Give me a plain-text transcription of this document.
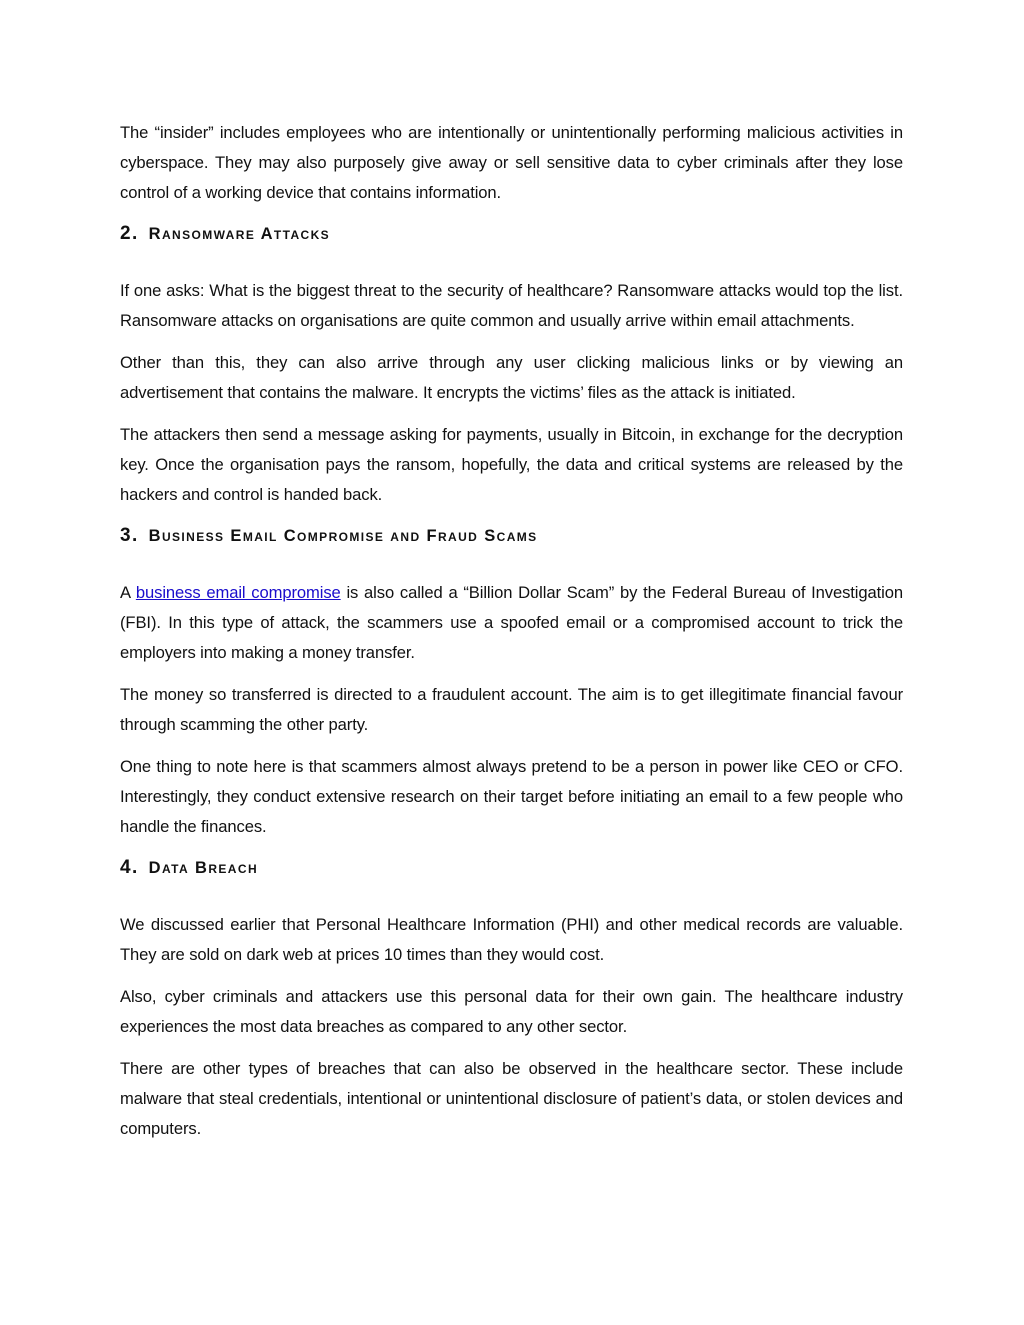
The “insider” includes employees who are intentionally or unintentionally performing malicious activities in cyberspace. They may also purposely give away or sell sensitive data to cyber criminals after they lose control of a working device that contains information.

2. Ransomware Attacks

If one asks: What is the biggest threat to the security of healthcare? Ransomware attacks would top the list. Ransomware attacks on organisations are quite common and usually arrive within email attachments.

Other than this, they can also arrive through any user clicking malicious links or by viewing an advertisement that contains the malware. It encrypts the victims’ files as the attack is initiated.

The attackers then send a message asking for payments, usually in Bitcoin, in exchange for the decryption key. Once the organisation pays the ransom, hopefully, the data and critical systems are released by the hackers and control is handed back.

3. Business Email Compromise and Fraud Scams

A business email compromise is also called a “Billion Dollar Scam” by the Federal Bureau of Investigation (FBI). In this type of attack, the scammers use a spoofed email or a compromised account to trick the employers into making a money transfer.

The money so transferred is directed to a fraudulent account. The aim is to get illegitimate financial favour through scamming the other party.

One thing to note here is that scammers almost always pretend to be a person in power like CEO or CFO. Interestingly, they conduct extensive research on their target before initiating an email to a few people who handle the finances.

4. Data Breach

We discussed earlier that Personal Healthcare Information (PHI) and other medical records are valuable. They are sold on dark web at prices 10 times than they would cost.

Also, cyber criminals and attackers use this personal data for their own gain. The healthcare industry experiences the most data breaches as compared to any other sector.

There are other types of breaches that can also be observed in the healthcare sector. These include malware that steal credentials, intentional or unintentional disclosure of patient’s data, or stolen devices and computers.
